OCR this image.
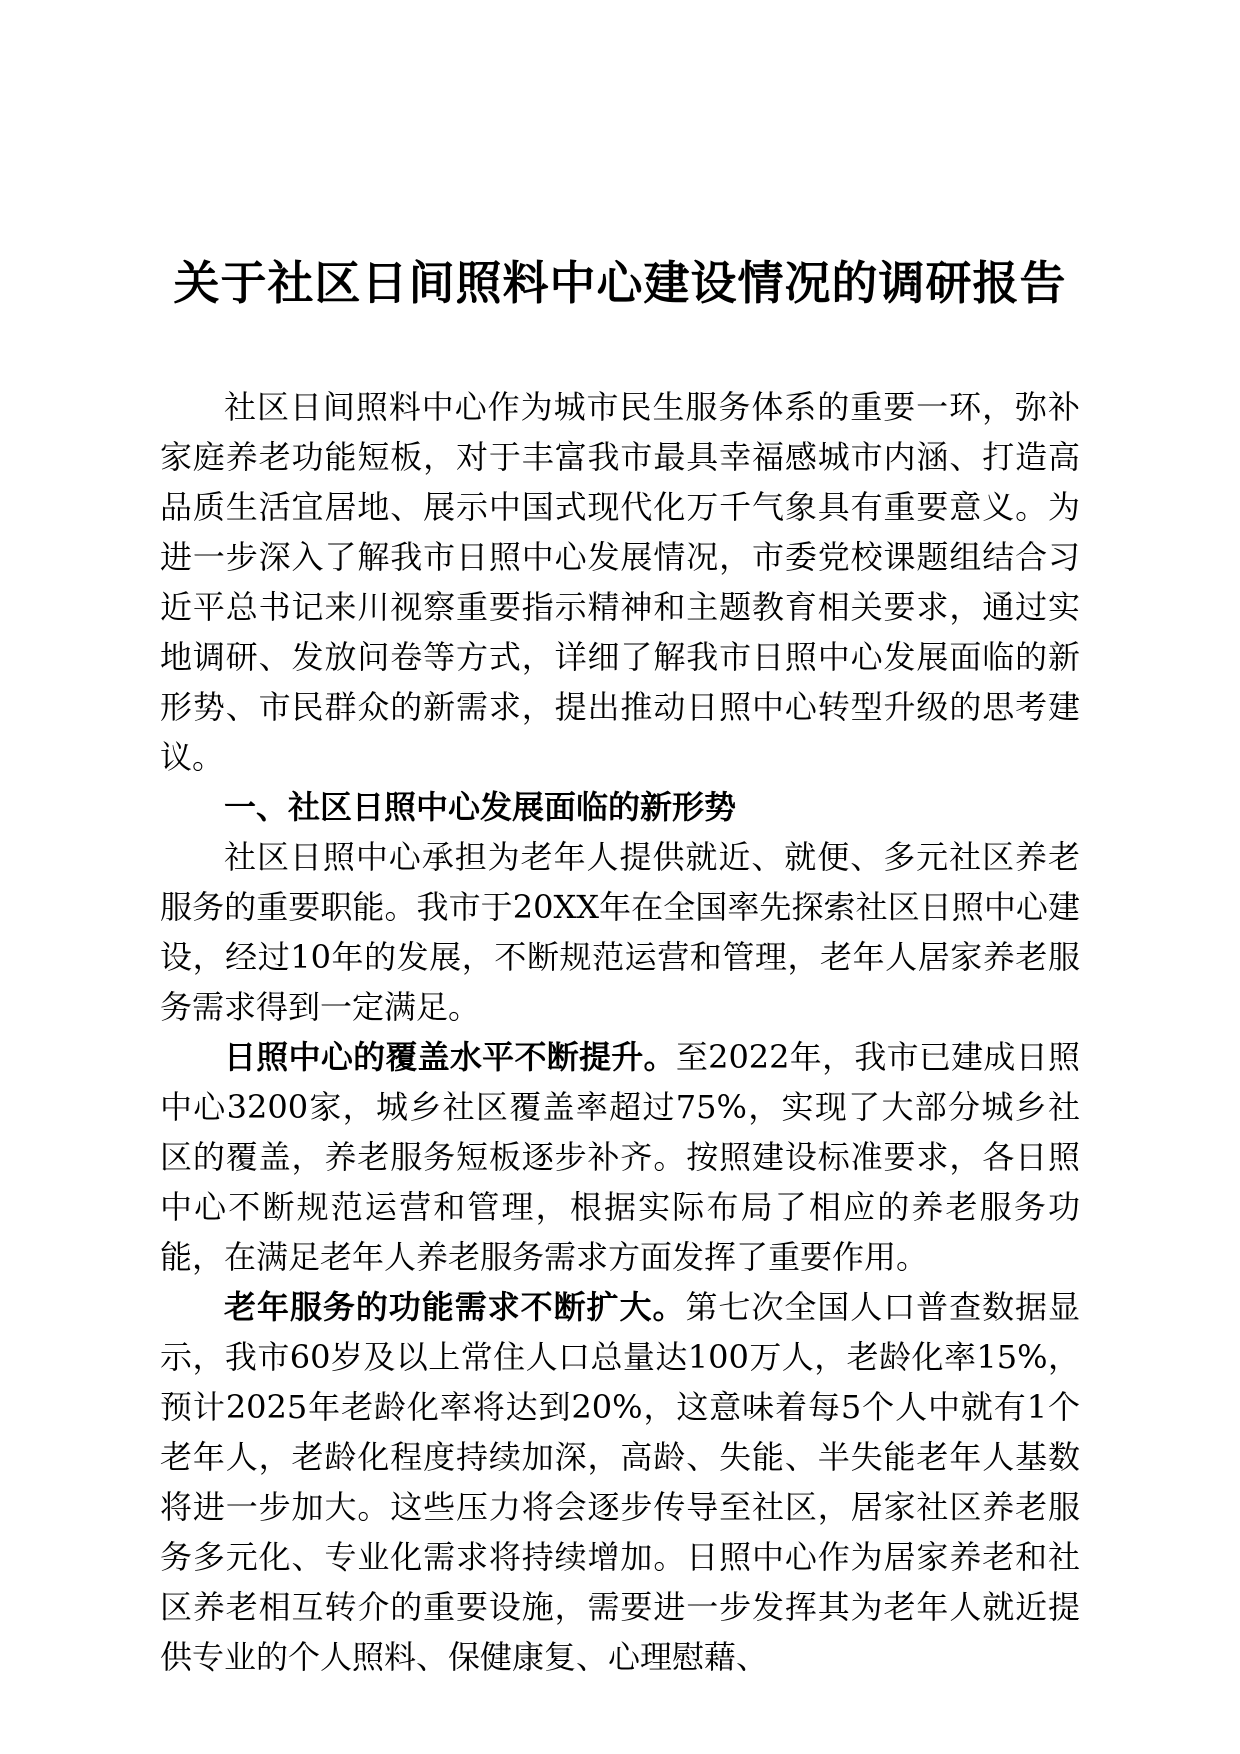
关于社区日间照料中心建设情况的调研报告

社区日间照料中心作为城市民生服务体系的重要一环，弥补家庭养老功能短板，对于丰富我市最具幸福感城市内涵、打造高品质生活宜居地、展示中国式现代化万千气象具有重要意义。为进一步深入了解我市日照中心发展情况，市委党校课题组结合习近平总书记来川视察重要指示精神和主题教育相关要求，通过实地调研、发放问卷等方式，详细了解我市日照中心发展面临的新形势、市民群众的新需求，提出推动日照中心转型升级的思考建议。

一、社区日照中心发展面临的新形势

社区日照中心承担为老年人提供就近、就便、多元社区养老服务的重要职能。我市于20XX年在全国率先探索社区日照中心建设，经过10年的发展，不断规范运营和管理，老年人居家养老服务需求得到一定满足。

日照中心的覆盖水平不断提升。至2022年，我市已建成日照中心3200家，城乡社区覆盖率超过75%，实现了大部分城乡社区的覆盖，养老服务短板逐步补齐。按照建设标准要求，各日照中心不断规范运营和管理，根据实际布局了相应的养老服务功能，在满足老年人养老服务需求方面发挥了重要作用。

老年服务的功能需求不断扩大。第七次全国人口普查数据显示，我市60岁及以上常住人口总量达100万人，老龄化率15%，预计2025年老龄化率将达到20%，这意味着每5个人中就有1个老年人，老龄化程度持续加深，高龄、失能、半失能老年人基数将进一步加大。这些压力将会逐步传导至社区，居家社区养老服务多元化、专业化需求将持续增加。日照中心作为居家养老和社区养老相互转介的重要设施，需要进一步发挥其为老年人就近提供专业的个人照料、保健康复、心理慰藉、
